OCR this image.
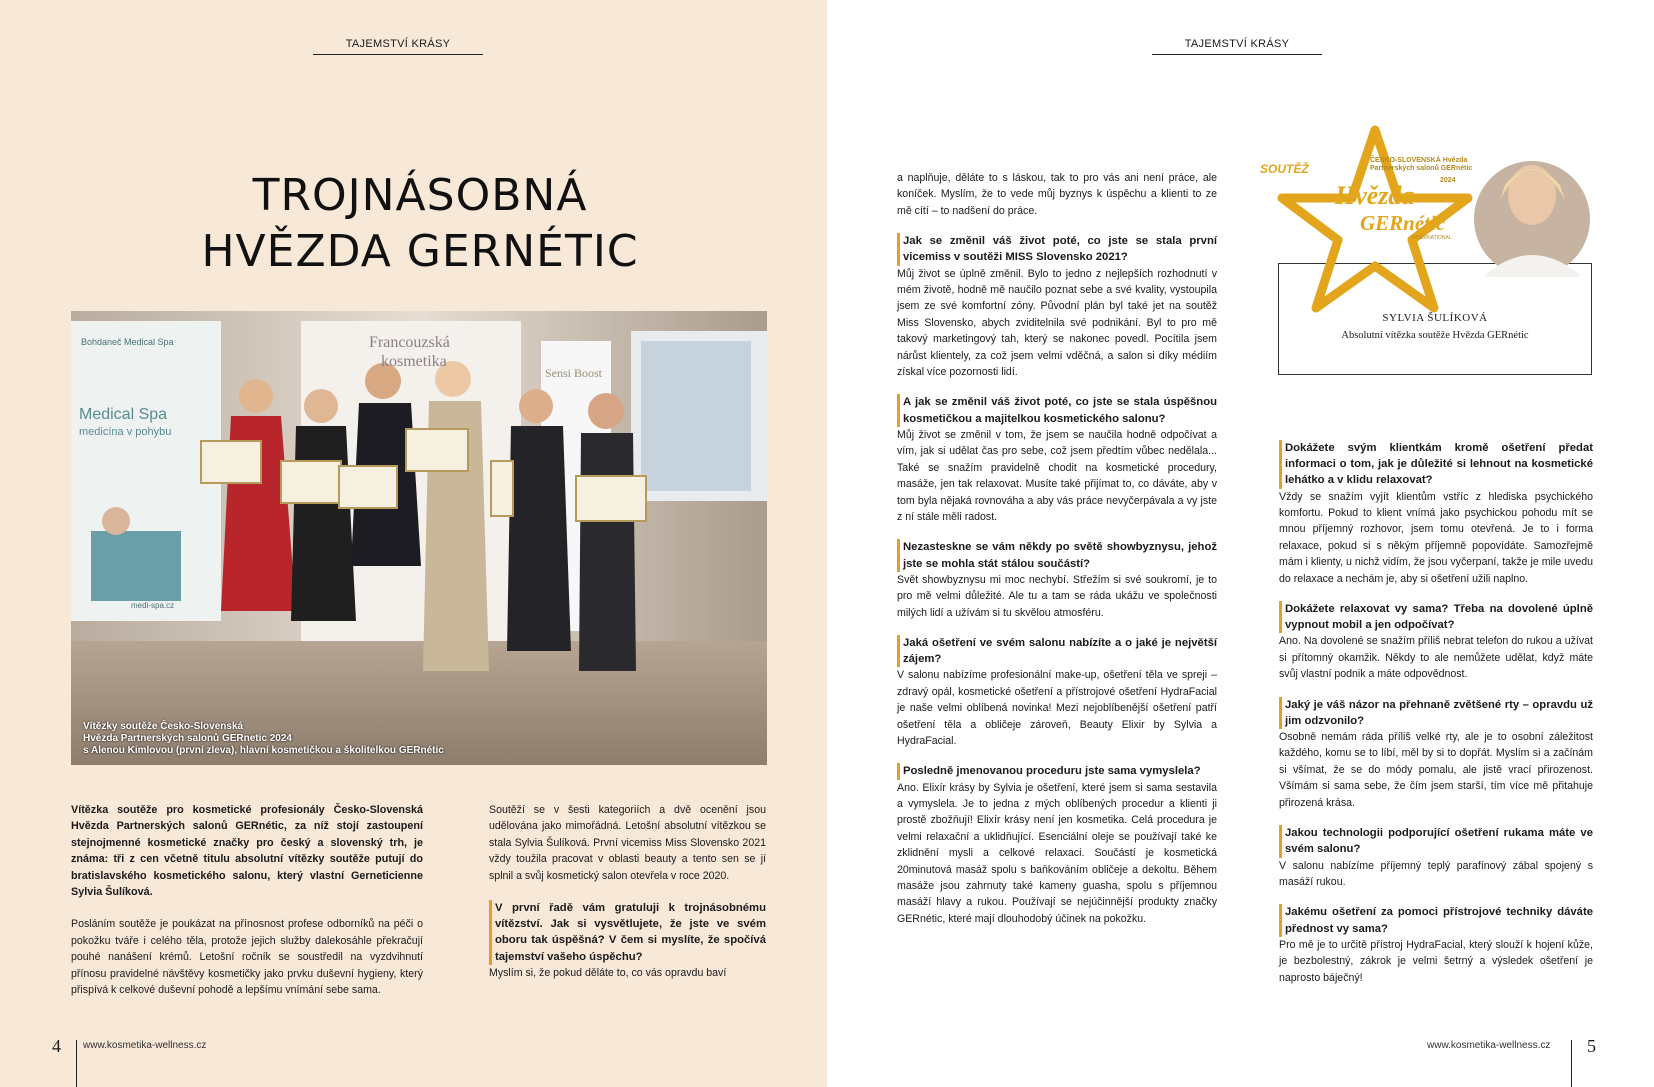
TAJEMSTVÍ KRÁSY
TROJNÁSOBNÁ
HVĚZDA GERNÉTIC
Vítězky soutěže Česko-Slovenská
Hvězda Partnerských salonů GERnetic 2024
s Alenou Kimlovou (první zleva), hlavní kosmetičkou a školitelkou GERnétic
Bohdaneč Medical Spa
Medical Spa
medicína v pohybu
medi-spa.cz
Francouzská
kosmetika
Sensi Boost

Vítězka soutěže pro kosmetické profesionály Česko-Slovenská Hvězda Partnerských salonů GERnétic, za níž stojí zastoupení stejnojmenné kosmetické značky pro český a slovenský trh, je známa: tři z cen včetně titulu absolutní vítězky soutěže putují do bratislavského kosmetického salonu, který vlastní Gerneticienne Sylvia Šulíková.

Posláním soutěže je poukázat na přínosnost profese odborníků na péči o pokožku tváře i celého těla, protože jejich služby dalekosáhle překračují pouhé nanášení krémů. Letošní ročník se soustředil na vyzdvihnutí přínosu pravidelné návštěvy kosmetičky jako prvku duševní hygieny, který přispívá k celkové duševní pohodě a lepšímu vnímání sebe sama.

Soutěží se v šesti kategoriích a dvě ocenění jsou udělována jako mimořádná. Letošní absolutní vítězkou se stala Sylvia Šulíková. První vicemiss Miss Slovensko 2021 vždy toužila pracovat v oblasti beauty a tento sen se jí splnil a svůj kosmetický salon otevřela v roce 2020.

V první řadě vám gratuluji k trojnásobnému vítězství. Jak si vysvětlujete, že jste ve svém oboru tak úspěšná? V čem si myslíte, že spočívá tajemství vašeho úspěchu?

Myslím si, že pokud děláte to, co vás opravdu baví

4 www.kosmetika-wellness.cz
TAJEMSTVÍ KRÁSY

a naplňuje, děláte to s láskou, tak to pro vás ani není práce, ale koníček. Myslím, že to vede můj byznys k úspěchu a klienti to ze mě cítí – to nadšení do práce.

Jak se změnil váš život poté, co jste se stala první vicemiss v soutěži MISS Slovensko 2021?

Můj život se úplně změnil. Bylo to jedno z nejlepších rozhodnutí v mém životě, hodně mě naučilo poznat sebe a své kvality, vystoupila jsem ze své komfortní zóny. Původní plán byl také jet na soutěž Miss Slovensko, abych zviditelnila své podnikání. Byl to pro mě takový marketingový tah, který se nakonec povedl. Pocítila jsem nárůst klientely, za což jsem velmi vděčná, a salon si díky médiím získal více pozornosti lidí.

A jak se změnil váš život poté, co jste se stala úspěšnou kosmetičkou a majitelkou kosmetického salonu?

Můj život se změnil v tom, že jsem se naučila hodně odpočívat a vím, jak si udělat čas pro sebe, což jsem předtím vůbec nedělala... Také se snažím pravidelně chodit na kosmetické procedury, masáže, jen tak relaxovat. Musíte také přijímat to, co dáváte, aby v tom byla nějaká rovnováha a aby vás práce nevyčerpávala a vy jste z ní stále měli radost.

Nezasteskne se vám někdy po světě showbyznysu, jehož jste se mohla stát stálou součástí?

Svět showbyznysu mi moc nechybí. Střežím si své soukromí, je to pro mě velmi důležité. Ale tu a tam se ráda ukážu ve společnosti milých lidí a užívám si tu skvělou atmosféru.

Jaká ošetření ve svém salonu nabízíte a o jaké je největší zájem?

V salonu nabízíme profesionální make-up, ošetření těla ve spreji – zdravý opál, kosmetické ošetření a přístrojové ošetření HydraFacial je naše velmi oblíbená novinka! Mezi nejoblíbenější ošetření patří ošetření těla a obličeje zároveň, Beauty Elixir by Sylvia a HydraFacial.

Posledně jmenovanou proceduru jste sama vymyslela?

Ano. Elixír krásy by Sylvia je ošetření, které jsem si sama sestavila a vymyslela. Je to jedna z mých oblíbených procedur a klienti ji prostě zbožňují! Elixír krásy není jen kosmetika. Celá procedura je velmi relaxační a uklidňující. Esenciální oleje se používají také ke zklidnění mysli a celkové relaxaci. Součástí je kosmetická 20minutová masáž spolu s baňkováním obličeje a dekoltu. Během masáže jsou zahrnuty také kameny guasha, spolu s příjemnou masáží hlavy a rukou. Používají se nejúčinnější produkty značky GERnétic, které mají dlouhodobý účinek na pokožku.

Dokážete svým klientkám kromě ošetření předat informaci o tom, jak je důležité si lehnout na kosmetické lehátko a v klidu relaxovat?

Vždy se snažím vyjít klientům vstříc z hlediska psychického komfortu. Pokud to klient vnímá jako psychickou pohodu mít se mnou příjemný rozhovor, jsem tomu otevřená. Je to i forma relaxace, pokud si s někým příjemně popovídáte. Samozřejmě mám i klienty, u nichž vidím, že jsou vyčerpaní, takže je mile uvedu do relaxace a nechám je, aby si ošetření užili naplno.

Dokážete relaxovat vy sama? Třeba na dovolené úplně vypnout mobil a jen odpočívat?

Ano. Na dovolené se snažím příliš nebrat telefon do rukou a užívat si přítomný okamžik. Někdy to ale nemůžete udělat, když máte svůj vlastní podnik a máte odpovědnost.

Jaký je váš názor na přehnaně zvětšené rty – opravdu už jim odzvonilo?

Osobně nemám ráda příliš velké rty, ale je to osobní záležitost každého, komu se to líbí, měl by si to dopřát. Myslím si a začínám si všímat, že se do módy pomalu, ale jistě vrací přirozenost. Všímám si sama sebe, že čím jsem starší, tím více mě přitahuje přirozená krása.

Jakou technologii podporující ošetření rukama máte ve svém salonu?

V salonu nabízíme příjemný teplý parafínový zábal spojený s masáží rukou.

Jakému ošetření za pomoci přístrojové techniky dáváte přednost vy sama?

Pro mě je to určitě přístroj HydraFacial, který slouží k hojení kůže, je bezbolestný, zákrok je velmi šetrný a výsledek ošetření je naprosto báječný!

5
www.kosmetika-wellness.cz
SYLVIA ŠULÍKOVÁ
Absolutní vítězka soutěže Hvězda GERnétic
SOUTĚŽ
ČESKO-SLOVENSKÁ Hvězda
Partnerských salonů GERnétic
2024
Hvězda
GERnétic
INTERNATIONAL
